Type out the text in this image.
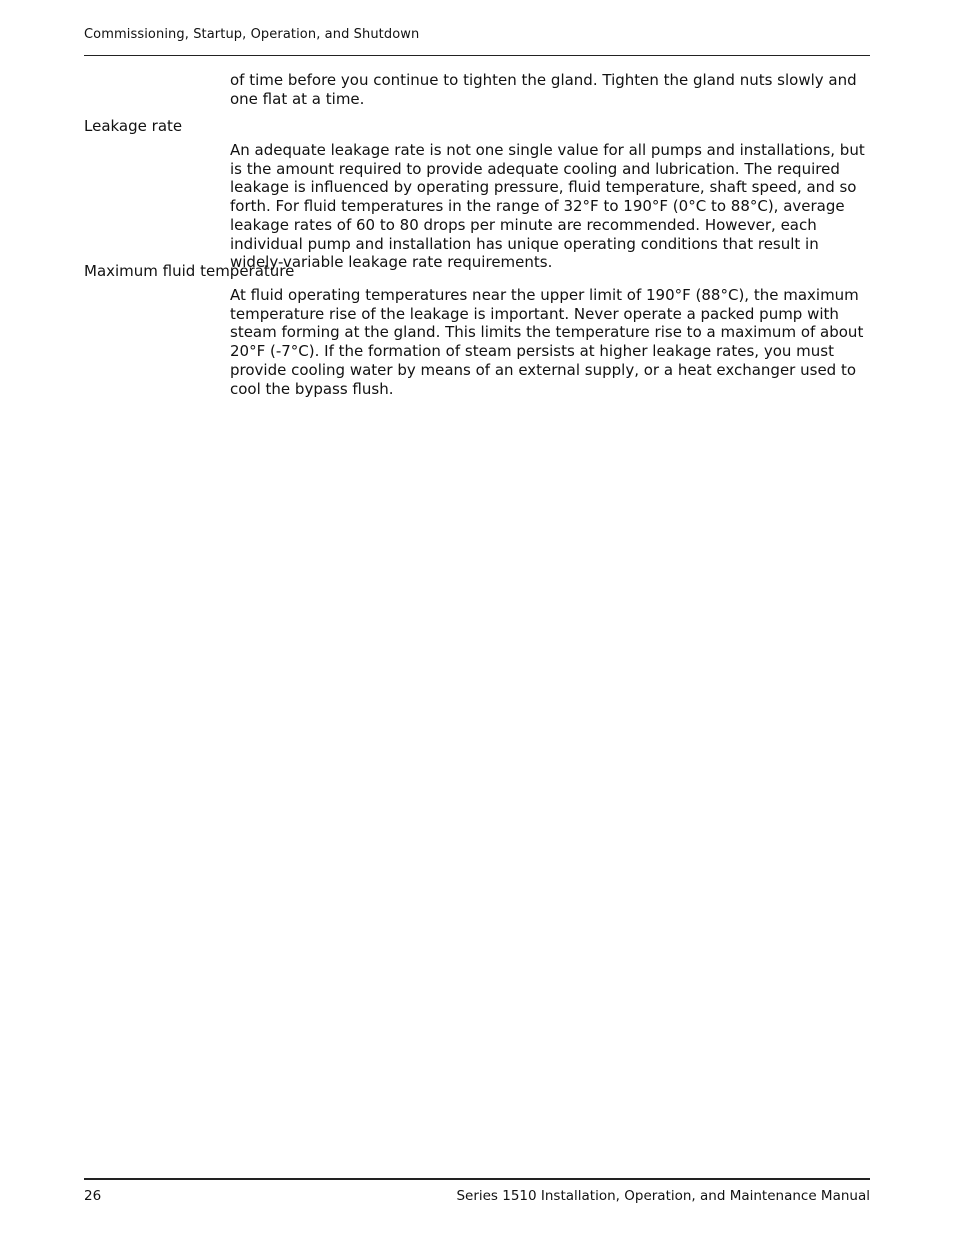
Commissioning, Startup, Operation, and Shutdown

of time before you continue to tighten the gland. Tighten the gland nuts slowly and one flat at a time.

Leakage rate

An adequate leakage rate is not one single value for all pumps and installations, but is the amount required to provide adequate cooling and lubrication. The required leakage is influenced by operating pressure, fluid temperature, shaft speed, and so forth. For fluid temperatures in the range of 32°F to 190°F (0°C to 88°C), average leakage rates of 60 to 80 drops per minute are recommended. However, each individual pump and installation has unique operating conditions that result in widely-variable leakage rate requirements.

Maximum fluid temperature

At fluid operating temperatures near the upper limit of 190°F (88°C), the maximum temperature rise of the leakage is important. Never operate a packed pump with steam forming at the gland. This limits the temperature rise to a maximum of about 20°F (-7°C). If the formation of steam persists at higher leakage rates, you must provide cooling water by means of an external supply, or a heat exchanger used to cool the bypass flush.

26	Series 1510 Installation, Operation, and Maintenance Manual
